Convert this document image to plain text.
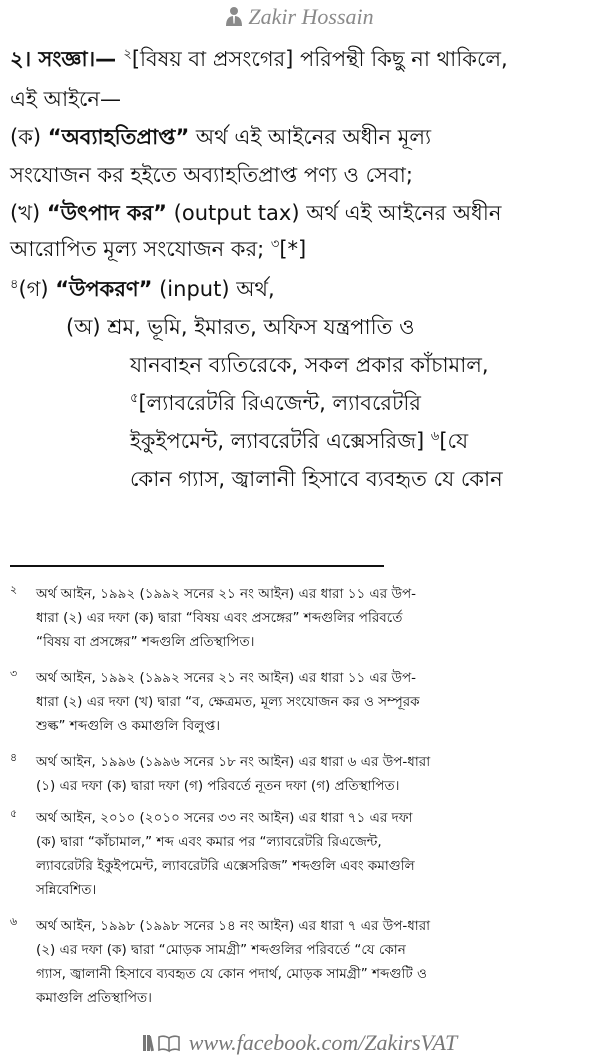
Zakir Hossain
২। সংজ্ঞা।— $^২$[বিষয় বা প্রসংগের] পরিপন্থী কিছু না থাকিলে,
এই আইনে—
(ক) “অব্যাহতিপ্রাপ্ত” অর্থ এই আইনের অধীন মূল্য
সংযোজন কর হইতে অব্যাহতিপ্রাপ্ত পণ্য ও সেবা;
(খ) “উৎপাদ কর” (output tax) অর্থ এই আইনের অধীন
আরোপিত মূল্য সংযোজন কর; $^৩$[*]
$^৪$(গ) “উপকরণ” (input) অর্থ,
(অ) শ্রম, ভূমি, ইমারত, অফিস যন্ত্রপাতি ও
যানবাহন ব্যতিরেকে, সকল প্রকার কাঁচামাল,
$^৫$[ল্যাবরেটরি রিএজেন্ট, ল্যাবরেটরি
ইকুইপমেন্ট, ল্যাবরেটরি এক্সেসরিজ] $^৬$[যে
কোন গ্যাস, জ্বালানী হিসাবে ব্যবহৃত যে কোন
২ অর্থ আইন, ১৯৯২ (১৯৯২ সনের ২১ নং আইন) এর ধারা ১১ এর উপ-
ধারা (২) এর দফা (ক) দ্বারা “বিষয় এবং প্রসঙ্গের” শব্দগুলির পরিবর্তে
“বিষয় বা প্রসঙ্গের” শব্দগুলি প্রতিস্থাপিত।
৩ অর্থ আইন, ১৯৯২ (১৯৯২ সনের ২১ নং আইন) এর ধারা ১১ এর উপ-
ধারা (২) এর দফা (খ) দ্বারা “ব, ক্ষেত্রমত, মূল্য সংযোজন কর ও সম্পূরক
শুল্ক” শব্দগুলি ও কমাগুলি বিলুপ্ত।
৪ অর্থ আইন, ১৯৯৬ (১৯৯৬ সনের ১৮ নং আইন) এর ধারা ৬ এর উপ-ধারা
(১) এর দফা (ক) দ্বারা দফা (গ) পরিবর্তে নূতন দফা (গ) প্রতিস্থাপিত।
৫ অর্থ আইন, ২০১০ (২০১০ সনের ৩৩ নং আইন) এর ধারা ৭১ এর দফা
(ক) দ্বারা “কাঁচামাল,” শব্দ এবং কমার পর “ল্যাবরেটরি রিএজেন্ট,
ল্যাবরেটরি ইকুইপমেন্ট, ল্যাবরেটরি এক্সেসরিজ” শব্দগুলি এবং কমাগুলি
সন্নিবেশিত।
৬ অর্থ আইন, ১৯৯৮ (১৯৯৮ সনের ১৪ নং আইন) এর ধারা ৭ এর উপ-ধারা
(২) এর দফা (ক) দ্বারা “মোড়ক সামগ্রী” শব্দগুলির পরিবর্তে “যে কোন
গ্যাস, জ্বালানী হিসাবে ব্যবহৃত যে কোন পদার্থ, মোড়ক সামগ্রী” শব্দগুটি ও
কমাগুলি প্রতিস্থাপিত।
www.facebook.com/ZakirsVAT
